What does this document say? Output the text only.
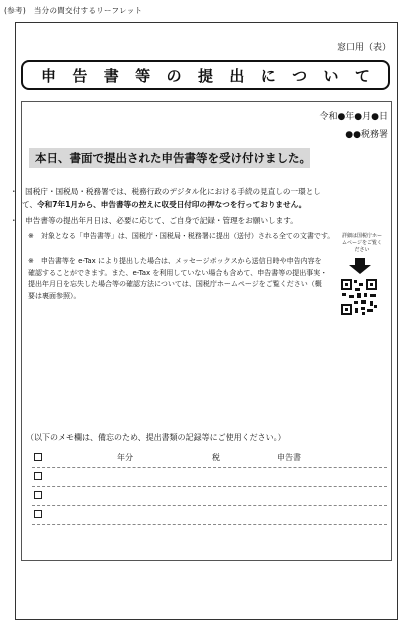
(参考)　当分の間交付するリーフレット
窓口用（表）
申 告 書 等 の 提 出 に つ い て
令和●年●月●日
●●税務署
本日、書面で提出された申告書等を受け付けました。
・　国税庁・国税局・税務署では、税務行政のデジタル化における手続の見直しの一環とし
て、令和7年1月から、申告書等の控えに収受日付印の押なつを行っておりません。
・　申告書等の提出年月日は、必要に応じて、ご自身で記録・管理をお願いします。
※　対象となる「申告書等」は、国税庁・国税局・税務署に提出（送付）される全ての文書です。
※　申告書等を e-Tax により提出した場合は、メッセージボックスから送信日時や申告内容を確認することができます。また、e-Tax を利用していない場合も含めて、申告書等の提出事実・提出年月日を忘失した場合等の確認方法については、国税庁ホームページをご覧ください（概要は裏面参照）。
詳細は国税庁ホームページをご覧ください
（以下のメモ欄は、備忘のため、提出書類の記録等にご使用ください。）
年分	税	申告書
